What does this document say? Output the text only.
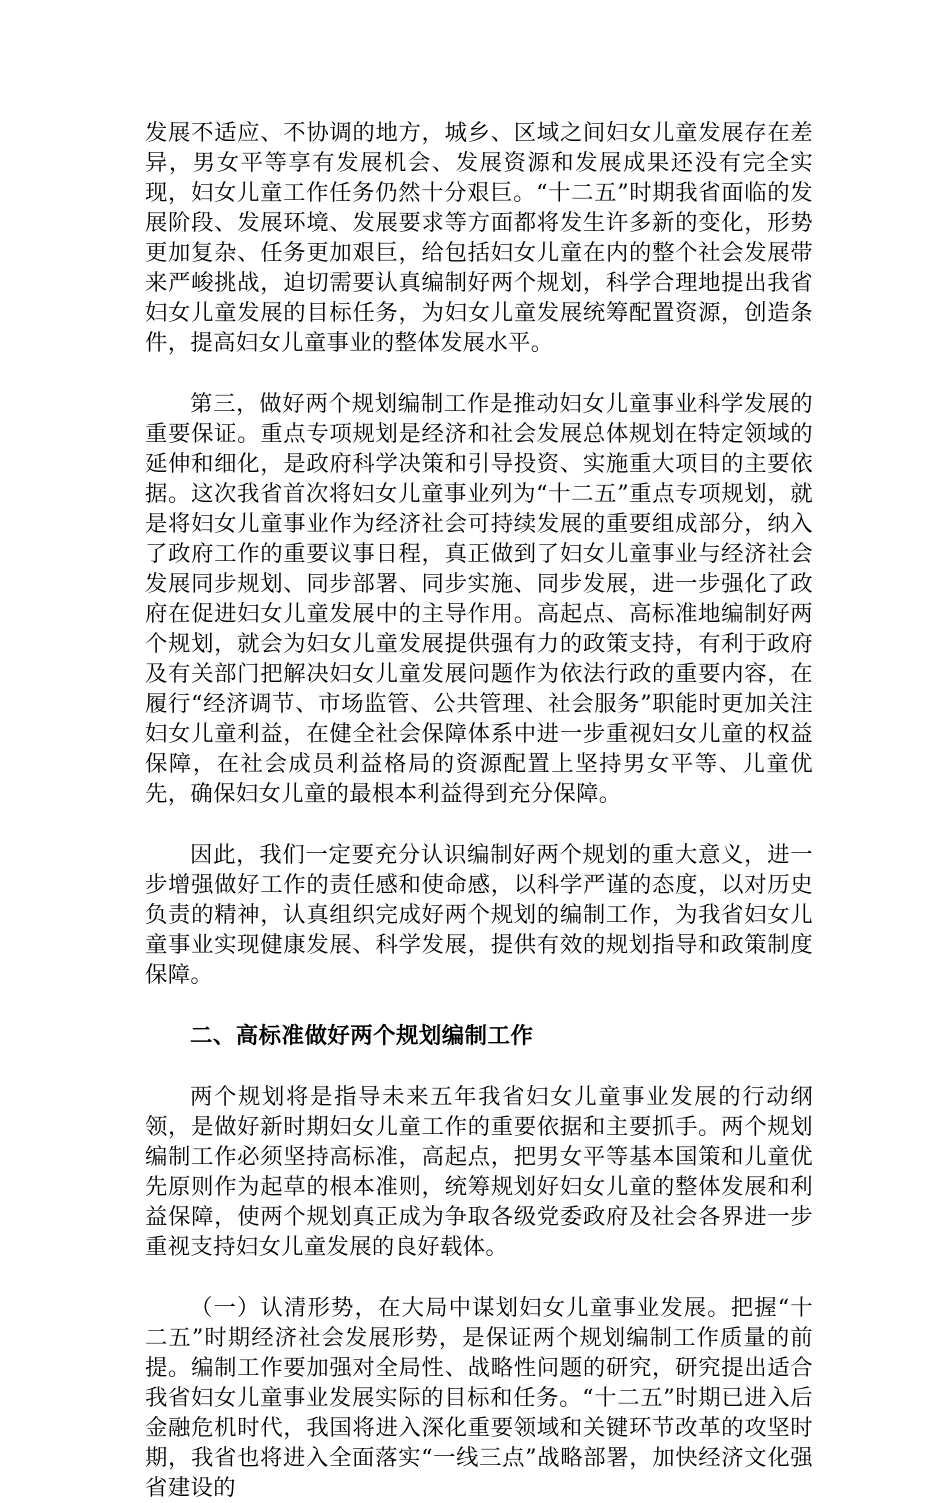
发展不适应、不协调的地方，城乡、区域之间妇女儿童发展存在差异，男女平等享有发展机会、发展资源和发展成果还没有完全实现，妇女儿童工作任务仍然十分艰巨。“十二五”时期我省面临的发展阶段、发展环境、发展要求等方面都将发生许多新的变化，形势更加复杂、任务更加艰巨，给包括妇女儿童在内的整个社会发展带来严峻挑战，迫切需要认真编制好两个规划，科学合理地提出我省妇女儿童发展的目标任务，为妇女儿童发展统筹配置资源，创造条件，提高妇女儿童事业的整体发展水平。

第三，做好两个规划编制工作是推动妇女儿童事业科学发展的重要保证。重点专项规划是经济和社会发展总体规划在特定领域的延伸和细化，是政府科学决策和引导投资、实施重大项目的主要依据。这次我省首次将妇女儿童事业列为“十二五”重点专项规划，就是将妇女儿童事业作为经济社会可持续发展的重要组成部分，纳入了政府工作的重要议事日程，真正做到了妇女儿童事业与经济社会发展同步规划、同步部署、同步实施、同步发展，进一步强化了政府在促进妇女儿童发展中的主导作用。高起点、高标准地编制好两个规划，就会为妇女儿童发展提供强有力的政策支持，有利于政府及有关部门把解决妇女儿童发展问题作为依法行政的重要内容，在履行“经济调节、市场监管、公共管理、社会服务”职能时更加关注妇女儿童利益，在健全社会保障体系中进一步重视妇女儿童的权益保障，在社会成员利益格局的资源配置上坚持男女平等、儿童优先，确保妇女儿童的最根本利益得到充分保障。

因此，我们一定要充分认识编制好两个规划的重大意义，进一步增强做好工作的责任感和使命感，以科学严谨的态度，以对历史负责的精神，认真组织完成好两个规划的编制工作，为我省妇女儿童事业实现健康发展、科学发展，提供有效的规划指导和政策制度保障。

二、高标准做好两个规划编制工作

两个规划将是指导未来五年我省妇女儿童事业发展的行动纲领，是做好新时期妇女儿童工作的重要依据和主要抓手。两个规划编制工作必须坚持高标准，高起点，把男女平等基本国策和儿童优先原则作为起草的根本准则，统筹规划好妇女儿童的整体发展和利益保障，使两个规划真正成为争取各级党委政府及社会各界进一步重视支持妇女儿童发展的良好载体。

（一）认清形势，在大局中谋划妇女儿童事业发展。把握“十二五”时期经济社会发展形势，是保证两个规划编制工作质量的前提。编制工作要加强对全局性、战略性问题的研究，研究提出适合我省妇女儿童事业发展实际的目标和任务。“十二五”时期已进入后金融危机时代，我国将进入深化重要领域和关键环节改革的攻坚时期，我省也将进入全面落实“一线三点”战略部署，加快经济文化强省建设的
